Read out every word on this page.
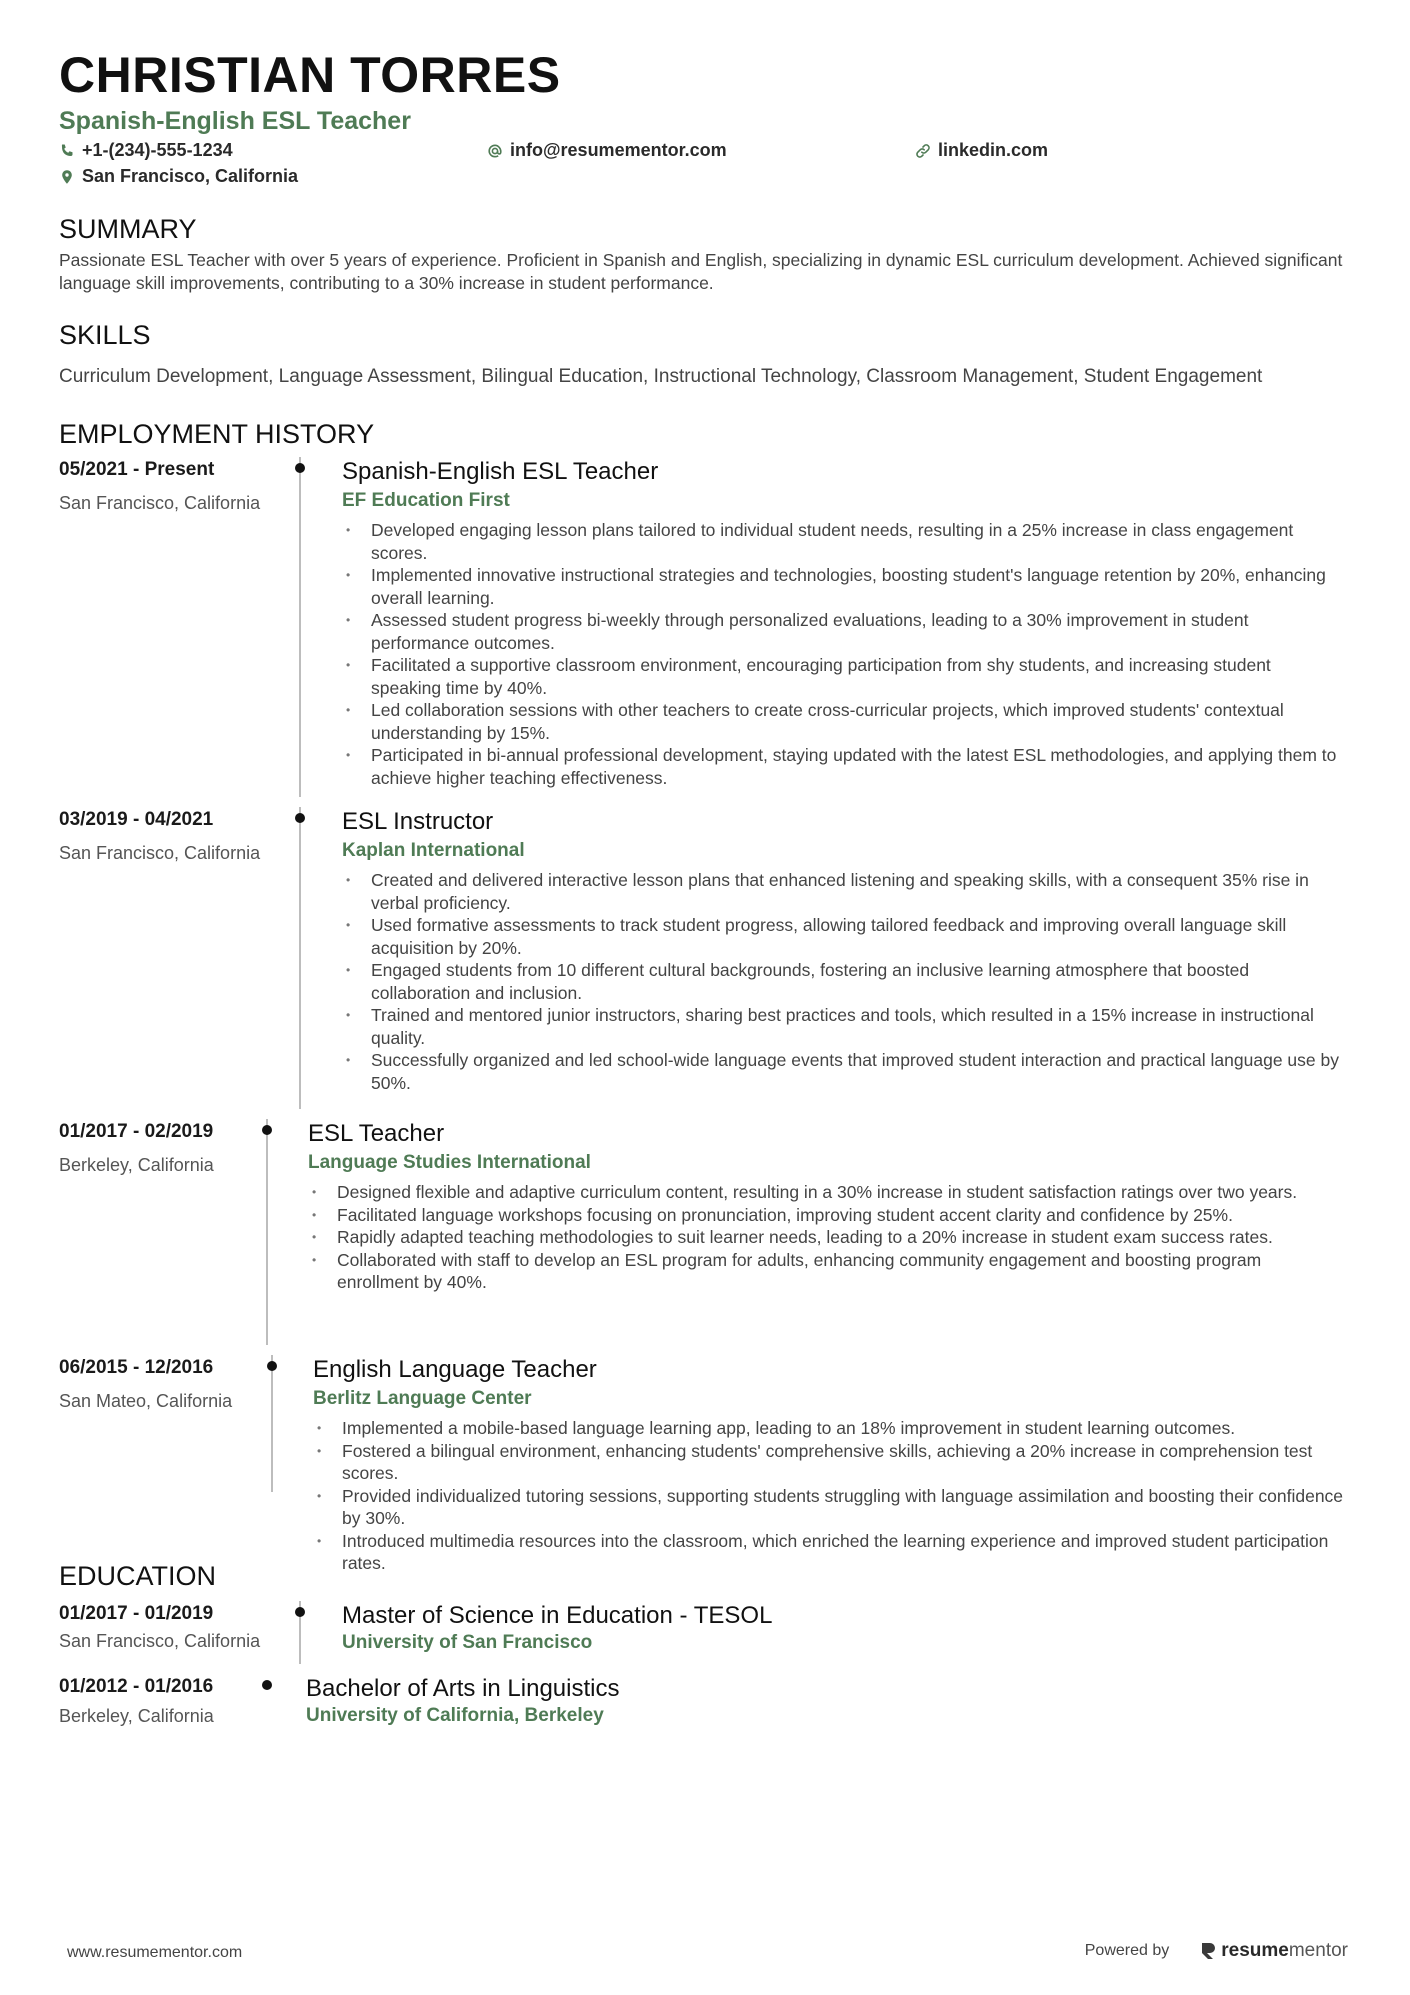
CHRISTIAN TORRES
Spanish-English ESL Teacher
+1-(234)-555-1234	info@resumementor.com	linkedin.com
San Francisco, California
SUMMARY

Passionate ESL Teacher with over 5 years of experience. Proficient in Spanish and English, specializing in dynamic ESL curriculum development. Achieved significant language skill improvements, contributing to a 30% increase in student performance.

SKILLS

Curriculum Development, Language Assessment, Bilingual Education, Instructional Technology, Classroom Management, Student Engagement

EMPLOYMENT HISTORY
05/2021 - Present
San Francisco, California
Spanish-English ESL Teacher
EF Education First
• Developed engaging lesson plans tailored to individual student needs, resulting in a 25% increase in class engagement scores.
• Implemented innovative instructional strategies and technologies, boosting student's language retention by 20%, enhancing overall learning.
• Assessed student progress bi-weekly through personalized evaluations, leading to a 30% improvement in student performance outcomes.
• Facilitated a supportive classroom environment, encouraging participation from shy students, and increasing student speaking time by 40%.
• Led collaboration sessions with other teachers to create cross-curricular projects, which improved students' contextual understanding by 15%.
• Participated in bi-annual professional development, staying updated with the latest ESL methodologies, and applying them to achieve higher teaching effectiveness.
03/2019 - 04/2021
San Francisco, California
ESL Instructor
Kaplan International
• Created and delivered interactive lesson plans that enhanced listening and speaking skills, with a consequent 35% rise in verbal proficiency.
• Used formative assessments to track student progress, allowing tailored feedback and improving overall language skill acquisition by 20%.
• Engaged students from 10 different cultural backgrounds, fostering an inclusive learning atmosphere that boosted collaboration and inclusion.
• Trained and mentored junior instructors, sharing best practices and tools, which resulted in a 15% increase in instructional quality.
• Successfully organized and led school-wide language events that improved student interaction and practical language use by 50%.
01/2017 - 02/2019
Berkeley, California
ESL Teacher
Language Studies International
• Designed flexible and adaptive curriculum content, resulting in a 30% increase in student satisfaction ratings over two years.
• Facilitated language workshops focusing on pronunciation, improving student accent clarity and confidence by 25%.
• Rapidly adapted teaching methodologies to suit learner needs, leading to a 20% increase in student exam success rates.
• Collaborated with staff to develop an ESL program for adults, enhancing community engagement and boosting program enrollment by 40%.
06/2015 - 12/2016
San Mateo, California
English Language Teacher
Berlitz Language Center
• Implemented a mobile-based language learning app, leading to an 18% improvement in student learning outcomes.
• Fostered a bilingual environment, enhancing students' comprehensive skills, achieving a 20% increase in comprehension test scores.
• Provided individualized tutoring sessions, supporting students struggling with language assimilation and boosting their confidence by 30%.
• Introduced multimedia resources into the classroom, which enriched the learning experience and improved student participation rates.
EDUCATION
01/2017 - 01/2019
San Francisco, California
Master of Science in Education - TESOL
University of San Francisco
01/2012 - 01/2016
Berkeley, California
Bachelor of Arts in Linguistics
University of California, Berkeley
www.resumementor.com	Powered by	resumementor
